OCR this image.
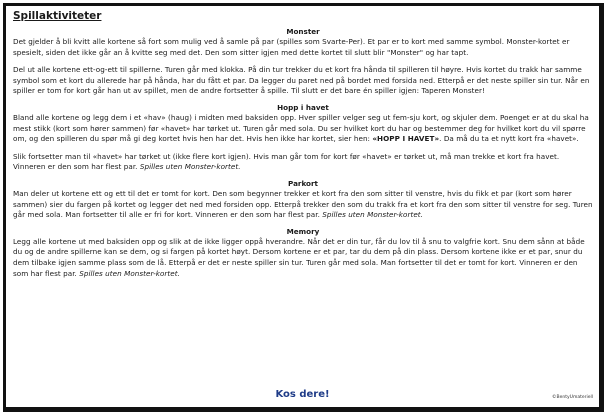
Spillaktiviteter
Monster

Det gjelder å bli kvitt alle kortene så fort som mulig ved å samle på par (spilles som Svarte-Per). Et par er to kort med samme symbol. Monster-kortet er spesielt, siden det ikke går an å kvitte seg med det. Den som sitter igjen med dette kortet til slutt blir "Monster" og har tapt.

Del ut alle kortene ett-og-ett til spillerne. Turen går med klokka. På din tur trekker du et kort fra hånda til spilleren til høyre. Hvis kortet du trakk har samme symbol som et kort du allerede har på hånda, har du fått et par. Da legger du paret ned på bordet med forsida ned. Etterpå er det neste spiller sin tur. Når en spiller er tom for kort går han ut av spillet, men de andre fortsetter å spille. Til slutt er det bare én spiller igjen: Taperen Monster!

Hopp i havet

Bland alle kortene og legg dem i et «hav» (haug) i midten med baksiden opp. Hver spiller velger seg ut fem-sju kort, og skjuler dem. Poenget er at du skal ha mest stikk (kort som hører sammen) før «havet» har tørket ut. Turen går med sola. Du ser hvilket kort du har og bestemmer deg for hvilket kort du vil spørre om, og den spilleren du spør må gi deg kortet hvis hen har det. Hvis hen ikke har kortet, sier hen: «HOPP I HAVET». Da må du ta et nytt kort fra «havet».

Slik fortsetter man til «havet» har tørket ut (ikke flere kort igjen). Hvis man går tom for kort før «havet» er tørket ut, må man trekke et kort fra havet. Vinneren er den som har flest par. Spilles uten Monster-kortet.

Parkort

Man deler ut kortene ett og ett til det er tomt for kort. Den som begynner trekker et kort fra den som sitter til venstre, hvis du fikk et par (kort som hører sammen) sier du fargen på kortet og legger det ned med forsiden opp. Etterpå trekker den som du trakk fra et kort fra den som sitter til venstre for seg. Turen går med sola. Man fortsetter til alle er fri for kort. Vinneren er den som har flest par. Spilles uten Monster-kortet.

Memory

Legg alle kortene ut med baksiden opp og slik at de ikke ligger oppå hverandre. Når det er din tur, får du lov til å snu to valgfrie kort. Snu dem sånn at både du og de andre spillerne kan se dem, og si fargen på kortet høyt. Dersom kortene er et par, tar du dem på din plass. Dersom kortene ikke er et par, snur du dem tilbake igjen samme plass som de lå. Etterpå er det er neste spiller sin tur. Turen går med sola. Man fortsetter til det er tomt for kort. Vinneren er den som har flest par. Spilles uten Monster-kortet.

Kos dere!	©BentyUmateriell
